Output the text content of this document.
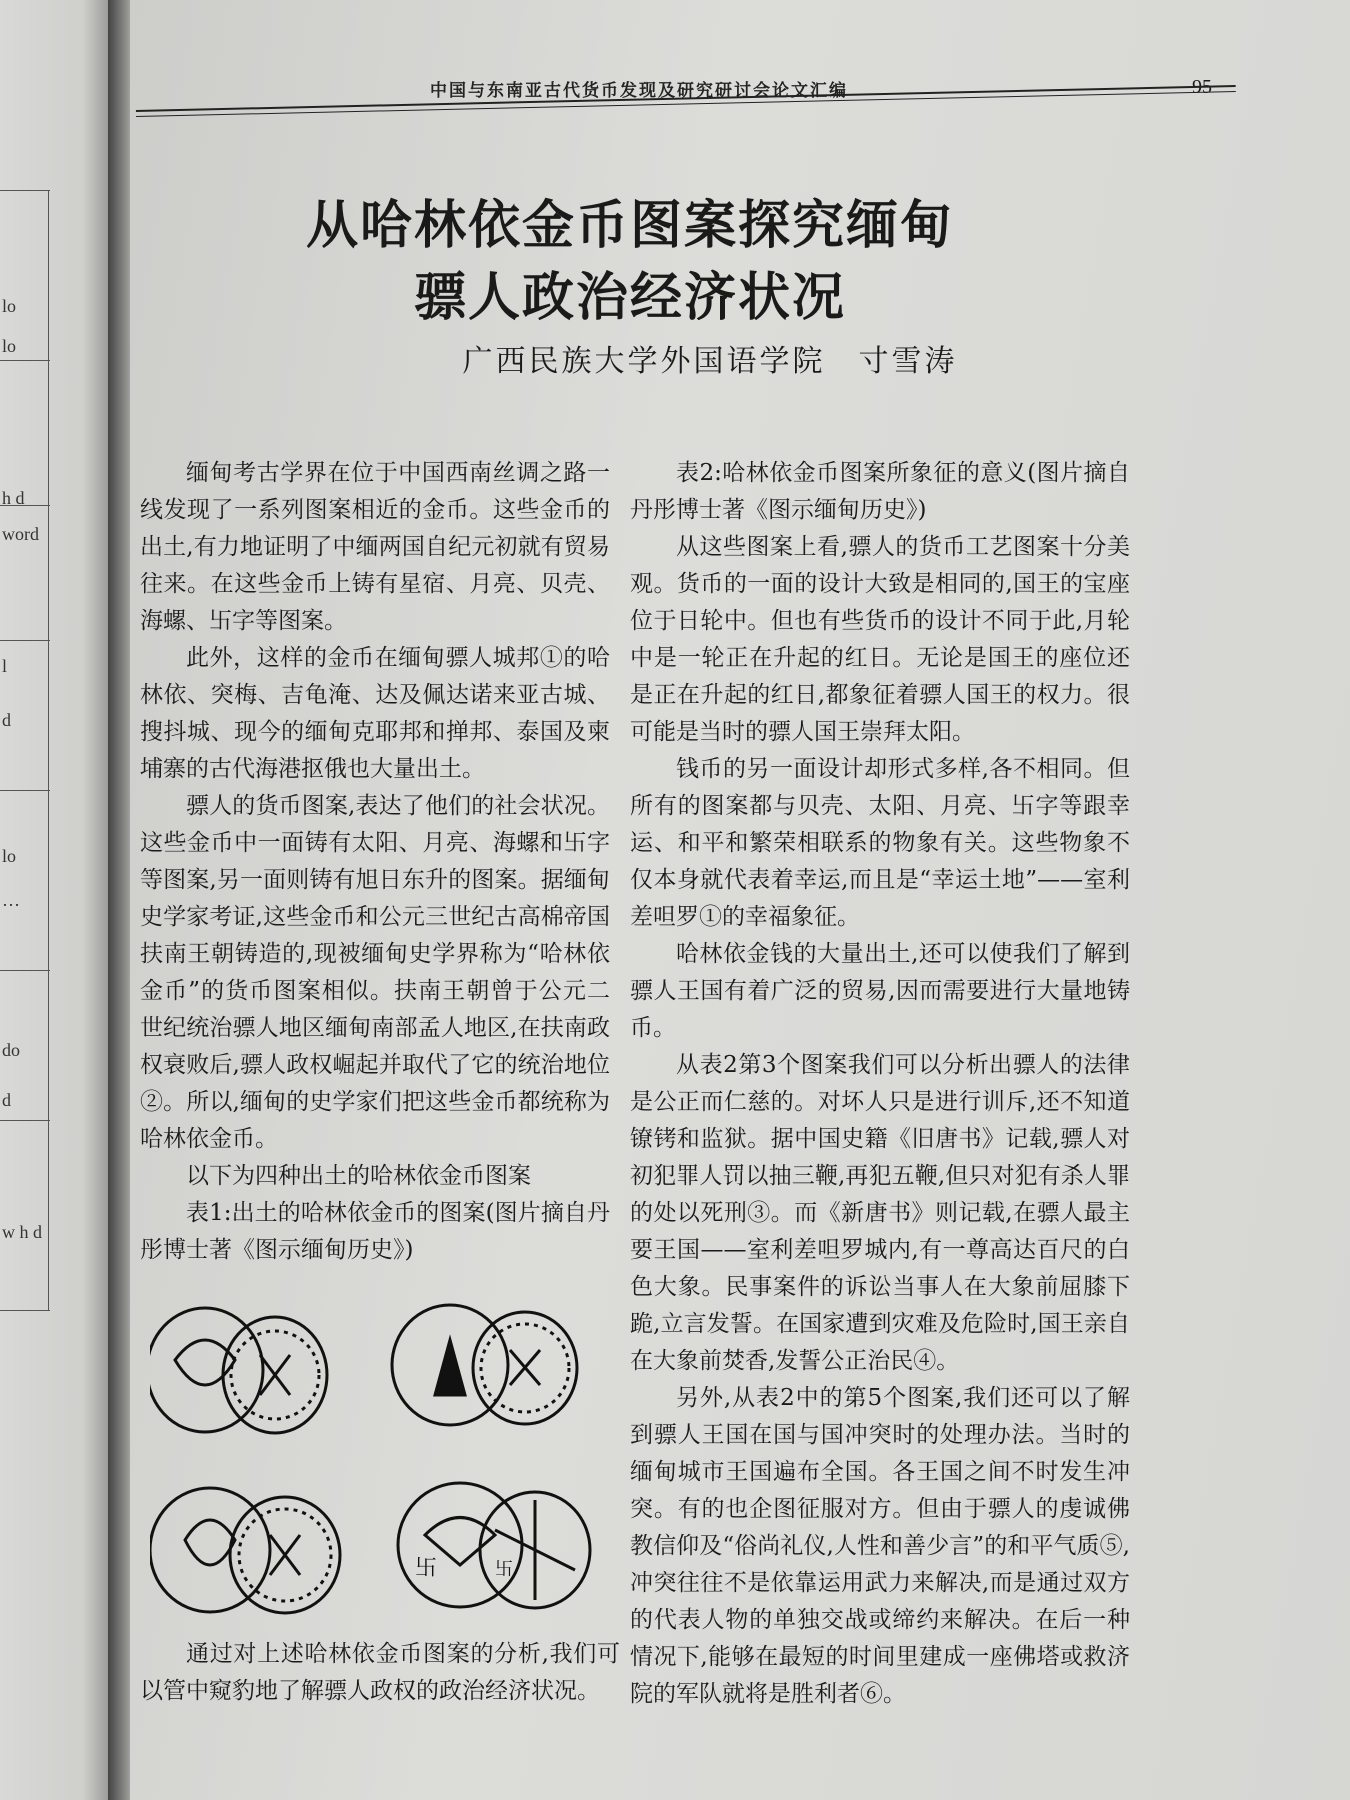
lo
lo
h d
word
l
d
lo
…
do
d
w h d
中国与东南亚古代货币发现及研究研讨会论文汇编	95
从哈林依金币图案探究缅甸
骠人政治经济状况
广西民族大学外国语学院　寸雪涛

缅甸考古学界在位于中国西南丝调之路一线发现了一系列图案相近的金币。这些金币的出土,有力地证明了中缅两国自纪元初就有贸易往来。在这些金币上铸有星宿、月亮、贝壳、海螺、卐字等图案。

此外，这样的金币在缅甸骠人城邦①的哈林依、突梅、吉龟淹、达及佩达诺来亚古城、搜抖城、现今的缅甸克耶邦和掸邦、泰国及柬埔寨的古代海港抠俄也大量出土。

骠人的货币图案,表达了他们的社会状况。这些金币中一面铸有太阳、月亮、海螺和卐字等图案,另一面则铸有旭日东升的图案。据缅甸史学家考证,这些金币和公元三世纪古高棉帝国扶南王朝铸造的,现被缅甸史学界称为“哈林依金币”的货币图案相似。扶南王朝曾于公元二世纪统治骠人地区缅甸南部孟人地区,在扶南政权衰败后,骠人政权崛起并取代了它的统治地位②。所以,缅甸的史学家们把这些金币都统称为哈林依金币。

以下为四种出土的哈林依金币图案

表1:出土的哈林依金币的图案(图片摘自丹彤博士著《图示缅甸历史》)

卐	卐

通过对上述哈林依金币图案的分析,我们可以管中窥豹地了解骠人政权的政治经济状况。

表2:哈林依金币图案所象征的意义(图片摘自丹彤博士著《图示缅甸历史》)

从这些图案上看,骠人的货币工艺图案十分美观。货币的一面的设计大致是相同的,国王的宝座位于日轮中。但也有些货币的设计不同于此,月轮中是一轮正在升起的红日。无论是国王的座位还是正在升起的红日,都象征着骠人国王的权力。很可能是当时的骠人国王崇拜太阳。

钱币的另一面设计却形式多样,各不相同。但所有的图案都与贝壳、太阳、月亮、卐字等跟幸运、和平和繁荣相联系的物象有关。这些物象不仅本身就代表着幸运,而且是“幸运土地”——室利差呾罗①的幸福象征。

哈林依金钱的大量出土,还可以使我们了解到骠人王国有着广泛的贸易,因而需要进行大量地铸币。

从表2第3个图案我们可以分析出骠人的法律是公正而仁慈的。对坏人只是进行训斥,还不知道镣铐和监狱。据中国史籍《旧唐书》记载,骠人对初犯罪人罚以抽三鞭,再犯五鞭,但只对犯有杀人罪的处以死刑③。而《新唐书》则记载,在骠人最主要王国——室利差呾罗城内,有一尊高达百尺的白色大象。民事案件的诉讼当事人在大象前屈膝下跪,立言发誓。在国家遭到灾难及危险时,国王亲自在大象前焚香,发誓公正治民④。

另外,从表2中的第5个图案,我们还可以了解到骠人王国在国与国冲突时的处理办法。当时的缅甸城市王国遍布全国。各王国之间不时发生冲突。有的也企图征服对方。但由于骠人的虔诚佛教信仰及“俗尚礼仪,人性和善少言”的和平气质⑤,冲突往往不是依靠运用武力来解决,而是通过双方的代表人物的单独交战或缔约来解决。在后一种情况下,能够在最短的时间里建成一座佛塔或救济院的军队就将是胜利者⑥。
